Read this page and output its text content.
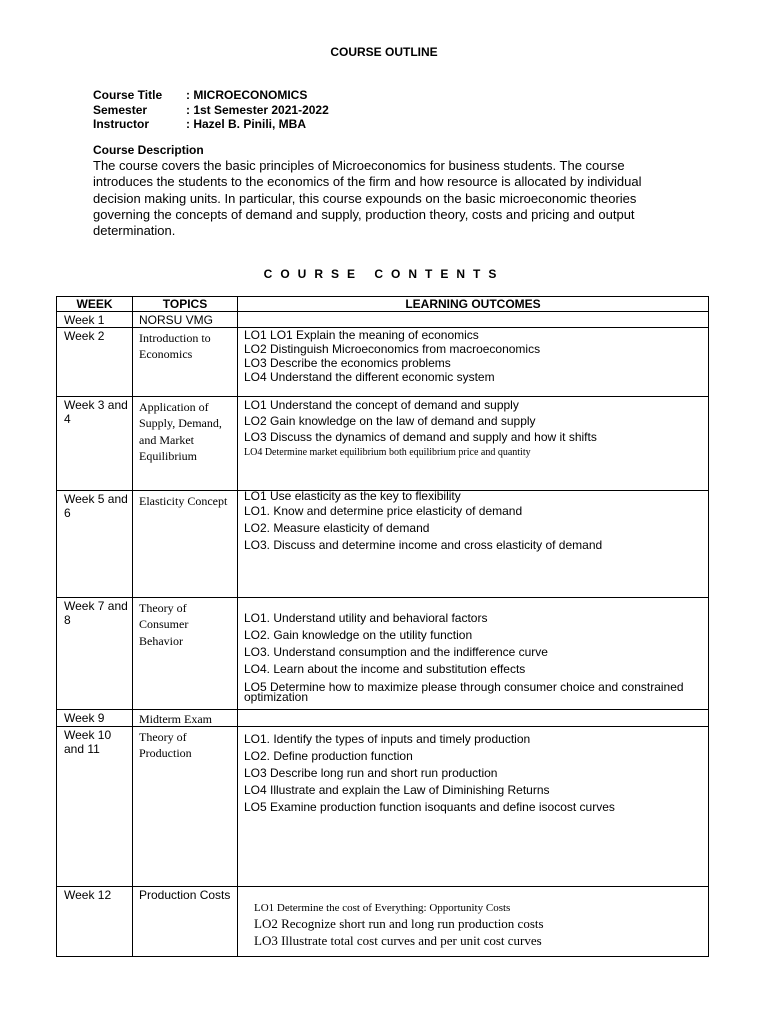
COURSE OUTLINE
Course Title	: MICROECONOMICS
Semester	: 1st Semester 2021-2022
Instructor	: Hazel B. Pinili, MBA
Course Description
The course covers the basic principles of Microeconomics for business students. The course introduces the students to the economics of the firm and how resource is allocated by individual decision making units. In particular, this course expounds on the basic microeconomic theories governing the concepts of demand and supply, production theory, costs and pricing and output determination.
COURSE CONTENTS
WEEK	TOPICS	LEARNING OUTCOMES
Week 1	NORSU VMG	
Week 2	Introduction to Economics	LO1 LO1 Explain the meaning of economics
LO2 Distinguish Microeconomics from macroeconomics
LO3 Describe the economics problems
LO4 Understand the different economic system

Week 3 and 4	Application of Supply, Demand, and Market Equilibrium	LO1 Understand the concept of demand and supply
LO2 Gain knowledge on the law of demand and supply
LO3 Discuss the dynamics of demand and supply and how it shifts
LO4 Determine market equilibrium both equilibrium price and quantity

Week 5 and 6	Elasticity Concept	LO1 Use elasticity as the key to flexibility
LO1. Know and determine price elasticity of demand
LO2. Measure elasticity of demand
LO3. Discuss and determine income and cross elasticity of demand

Week 7 and 8	Theory of Consumer Behavior	LO1. Understand utility and behavioral factors
LO2. Gain knowledge on the utility function
LO3. Understand consumption and the indifference curve
LO4. Learn about the income and substitution effects
LO5 Determine how to maximize please through consumer choice and constrained optimization

Week 9	Midterm Exam	
Week 10 and 11	Theory of Production	LO1. Identify the types of inputs and timely production
LO2. Define production function
LO3 Describe long run and short run production
LO4 Illustrate and explain the Law of Diminishing Returns
LO5 Examine production function isoquants and define isocost curves

Week 12	Production Costs	LO1 Determine the cost of Everything: Opportunity Costs
LO2 Recognize short run and long run production costs
LO3 Illustrate total cost curves and per unit cost curves
